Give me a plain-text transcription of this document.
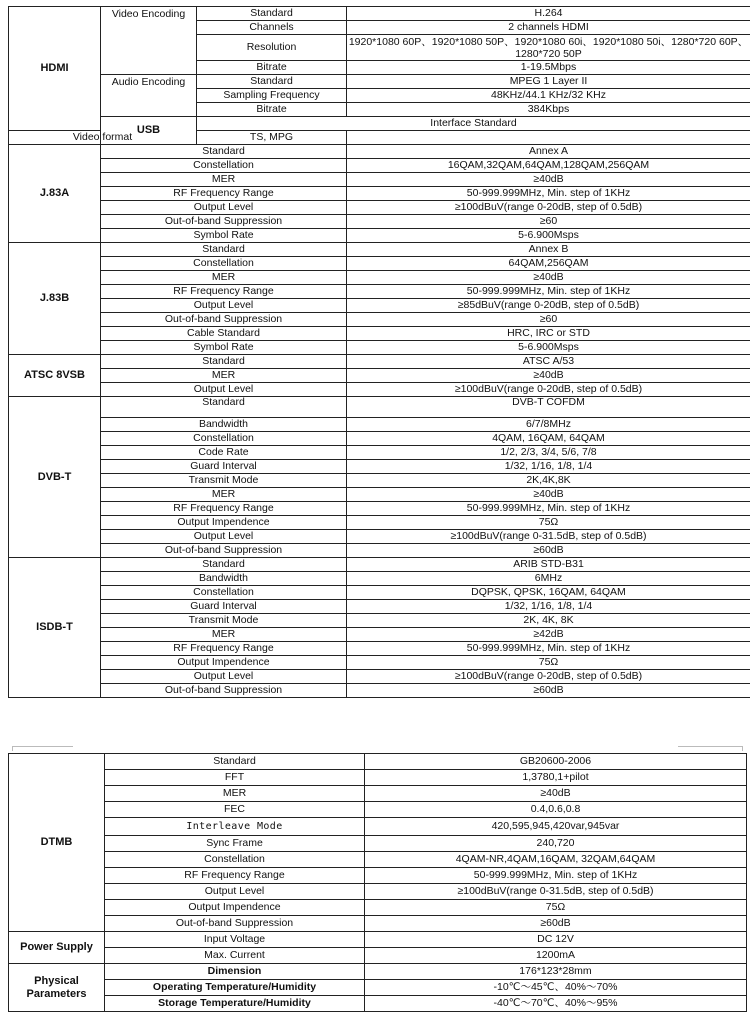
HDMI	Video Encoding	Standard	H.264	
		Channels	2 channels HDMI	
		Resolution	1920*1080 60P、1920*1080 50P、1920*1080 60i、1920*1080 50i、1280*720 60P、1280*720 50P	
		Bitrate	1-19.5Mbps	
	Audio Encoding	Standard	MPEG 1 Layer II	
		Sampling Frequency	48KHz/44.1 KHz/32 KHz	
		Bitrate	384Kbps	
	USB	Interface Standard	
Video format		TS, MPG		
J.83A	Standard		Annex A	
	Constellation		16QAM,32QAM,64QAM,128QAM,256QAM	
	MER		≥40dB	
	RF Frequency Range		50-999.999MHz, Min. step of 1KHz	
	Output Level		≥100dBuV(range 0-20dB, step of 0.5dB)	
	Out-of-band Suppression		≥60	
	Symbol Rate		5-6.900Msps	
J.83B	Standard		Annex B	
	Constellation		64QAM,256QAM	
	MER		≥40dB	
	RF Frequency Range		50-999.999MHz, Min. step of 1KHz	
	Output Level		≥85dBuV(range 0-20dB, step of 0.5dB)	
	Out-of-band Suppression		≥60	
	Cable Standard		HRC, IRC or STD	
	Symbol Rate		5-6.900Msps	
ATSC 8VSB	Standard		ATSC A/53	
	MER		≥40dB	
	Output Level		≥100dBuV(range 0-20dB, step of 0.5dB)	
DVB-T	Standard		DVB-T COFDM	
	Bandwidth		6/7/8MHz	
	Constellation		4QAM, 16QAM, 64QAM	
	Code Rate		1/2, 2/3, 3/4, 5/6, 7/8	
	Guard Interval		1/32, 1/16, 1/8, 1/4	
	Transmit Mode		2K,4K,8K	
	MER		≥40dB	
	RF Frequency Range		50-999.999MHz, Min. step of 1KHz	
	Output Impendence		75Ω	
	Output Level		≥100dBuV(range 0-31.5dB, step of 0.5dB)	
	Out-of-band Suppression		≥60dB	
ISDB-T	Standard		ARIB STD-B31	
	Bandwidth		6MHz	
	Constellation		DQPSK, QPSK, 16QAM, 64QAM	
	Guard Interval		1/32, 1/16, 1/8, 1/4	
	Transmit Mode		2K, 4K, 8K	
	MER		≥42dB	
	RF Frequency Range		50-999.999MHz, Min. step of 1KHz	
	Output Impendence		75Ω	
	Output Level		≥100dBuV(range 0-20dB, step of 0.5dB)	
	Out-of-band Suppression		≥60dB	
DTMB	Standard	GB20600-2006
	FFT	1,3780,1+pilot
	MER	≥40dB
	FEC	0.4,0.6,0.8
	Interleave Mode	420,595,945,420var,945var
	Sync Frame	240,720
	Constellation	4QAM-NR,4QAM,16QAM, 32QAM,64QAM
	RF Frequency Range	50-999.999MHz, Min. step of 1KHz
	Output Level	≥100dBuV(range 0-31.5dB, step of 0.5dB)
	Output Impendence	75Ω
	Out-of-band Suppression	≥60dB
Power Supply	Input Voltage	DC 12V
	Max. Current	1200mA
Physical Parameters	Dimension	176*123*28mm
	Operating Temperature/Humidity	-10℃～45℃、40%～70%
	Storage Temperature/Humidity	-40℃～70℃、40%～95%
